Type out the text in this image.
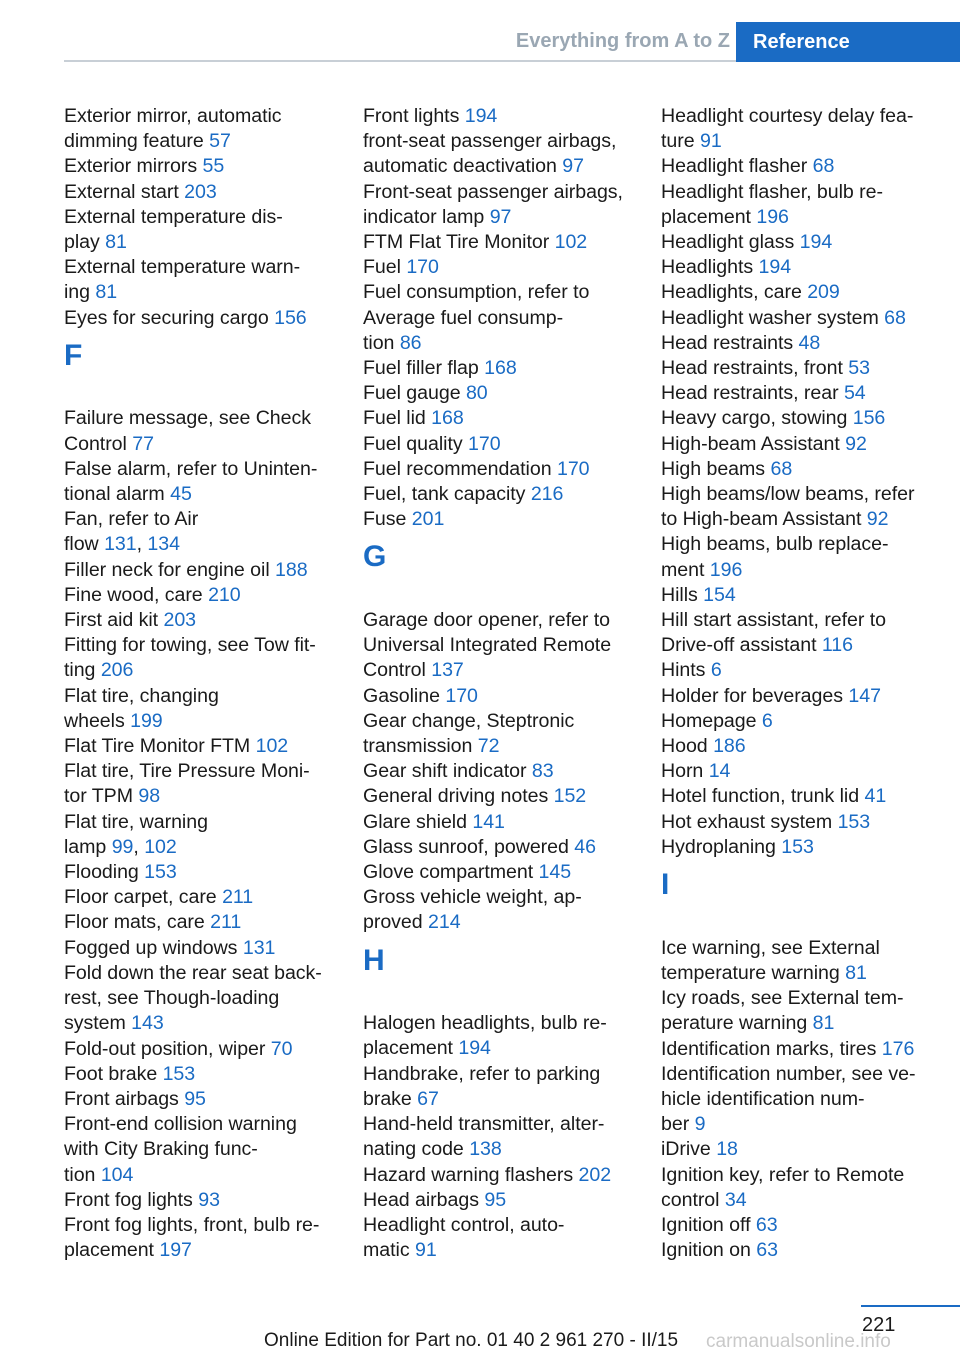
Everything from A to Z Reference
Exterior mirror, automatic
dimming feature 57
Exterior mirrors 55
External start 203
External temperature dis-
play 81
External temperature warn-
ing 81
Eyes for securing cargo 156
F
Failure message, see Check
Control 77
False alarm, refer to Uninten-
tional alarm 45
Fan, refer to Air
flow 131, 134
Filler neck for engine oil 188
Fine wood, care 210
First aid kit 203
Fitting for towing, see Tow fit-
ting 206
Flat tire, changing
wheels 199
Flat Tire Monitor FTM 102
Flat tire, Tire Pressure Moni-
tor TPM 98
Flat tire, warning
lamp 99, 102
Flooding 153
Floor carpet, care 211
Floor mats, care 211
Fogged up windows 131
Fold down the rear seat back-
rest, see Though-loading
system 143
Fold-out position, wiper 70
Foot brake 153
Front airbags 95
Front-end collision warning
with City Braking func-
tion 104
Front fog lights 93
Front fog lights, front, bulb re-
placement 197
Front lights 194
front-seat passenger airbags,
automatic deactivation 97
Front-seat passenger airbags,
indicator lamp 97
FTM Flat Tire Monitor 102
Fuel 170
Fuel consumption, refer to
Average fuel consump-
tion 86
Fuel filler flap 168
Fuel gauge 80
Fuel lid 168
Fuel quality 170
Fuel recommendation 170
Fuel, tank capacity 216
Fuse 201
G
Garage door opener, refer to
Universal Integrated Remote
Control 137
Gasoline 170
Gear change, Steptronic
transmission 72
Gear shift indicator 83
General driving notes 152
Glare shield 141
Glass sunroof, powered 46
Glove compartment 145
Gross vehicle weight, ap-
proved 214
H
Halogen headlights, bulb re-
placement 194
Handbrake, refer to parking
brake 67
Hand-held transmitter, alter-
nating code 138
Hazard warning flashers 202
Head airbags 95
Headlight control, auto-
matic 91
Headlight courtesy delay fea-
ture 91
Headlight flasher 68
Headlight flasher, bulb re-
placement 196
Headlight glass 194
Headlights 194
Headlights, care 209
Headlight washer system 68
Head restraints 48
Head restraints, front 53
Head restraints, rear 54
Heavy cargo, stowing 156
High-beam Assistant 92
High beams 68
High beams/low beams, refer
to High-beam Assistant 92
High beams, bulb replace-
ment 196
Hills 154
Hill start assistant, refer to
Drive-off assistant 116
Hints 6
Holder for beverages 147
Homepage 6
Hood 186
Horn 14
Hotel function, trunk lid 41
Hot exhaust system 153
Hydroplaning 153
I
Ice warning, see External
temperature warning 81
Icy roads, see External tem-
perature warning 81
Identification marks, tires 176
Identification number, see ve-
hicle identification num-
ber 9
iDrive 18
Ignition key, refer to Remote
control 34
Ignition off 63
Ignition on 63
221
Online Edition for Part no. 01 40 2 961 270 - II/15 carmanualsonline.info
